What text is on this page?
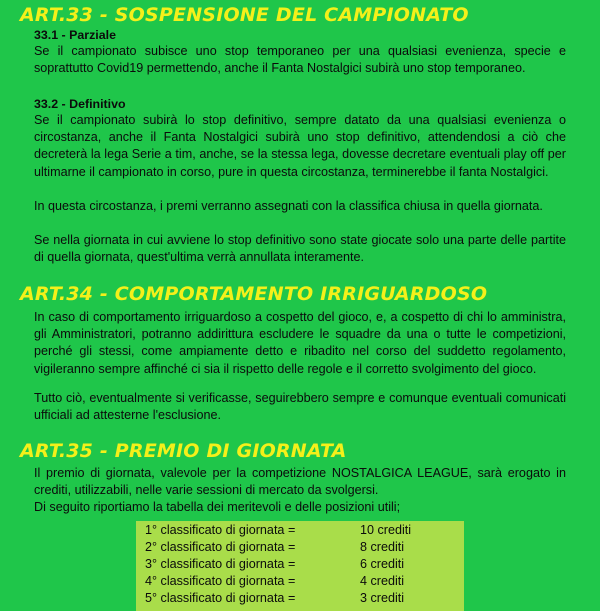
ART.33 - SOSPENSIONE DEL CAMPIONATO
33.1 - Parziale
Se il campionato subisce uno stop temporaneo per una qualsiasi evenienza, specie e soprattutto Covid19 permettendo, anche il Fanta Nostalgici subirà uno stop temporaneo.
33.2 - Definitivo
Se il campionato subirà lo stop definitivo, sempre datato da una qualsiasi evenienza o circostanza, anche il Fanta Nostalgici subirà uno stop definitivo, attendendosi a ciò che decreterà la lega Serie a tim, anche, se la stessa lega, dovesse decretare eventuali play off per ultimarne il campionato in corso, pure in questa circostanza, terminerebbe il fanta Nostalgici.
In questa circostanza, i premi verranno assegnati con la classifica chiusa in quella giornata.
Se nella giornata in cui avviene lo stop definitivo sono state giocate solo una parte delle partite di quella giornata, quest'ultima verrà annullata interamente.
ART.34 - COMPORTAMENTO IRRIGUARDOSO
In caso di comportamento irriguardoso a cospetto del gioco, e, a cospetto di chi lo amministra, gli Amministratori, potranno addirittura escludere le squadre da una o tutte le competizioni, perché gli stessi, come ampiamente detto e ribadito nel corso del suddetto regolamento, vigileranno sempre affinché ci sia il rispetto delle regole e il corretto svolgimento del gioco.
Tutto ciò, eventualmente si verificasse, seguirebbero sempre e comunque eventuali comunicati ufficiali ad attesterne l'esclusione.
ART.35 - PREMIO DI GIORNATA
Il premio di giornata, valevole per la competizione NOSTALGICA LEAGUE, sarà erogato in crediti, utilizzabili, nelle varie sessioni di mercato da svolgersi.
Di seguito riportiamo la tabella dei meritevoli e delle posizioni utili;
1° classificato di giornata =	10 crediti
2° classificato di giornata =	8 crediti
3° classificato di giornata =	6 crediti
4° classificato di giornata =	4 crediti
5° classificato di giornata =	3 crediti
